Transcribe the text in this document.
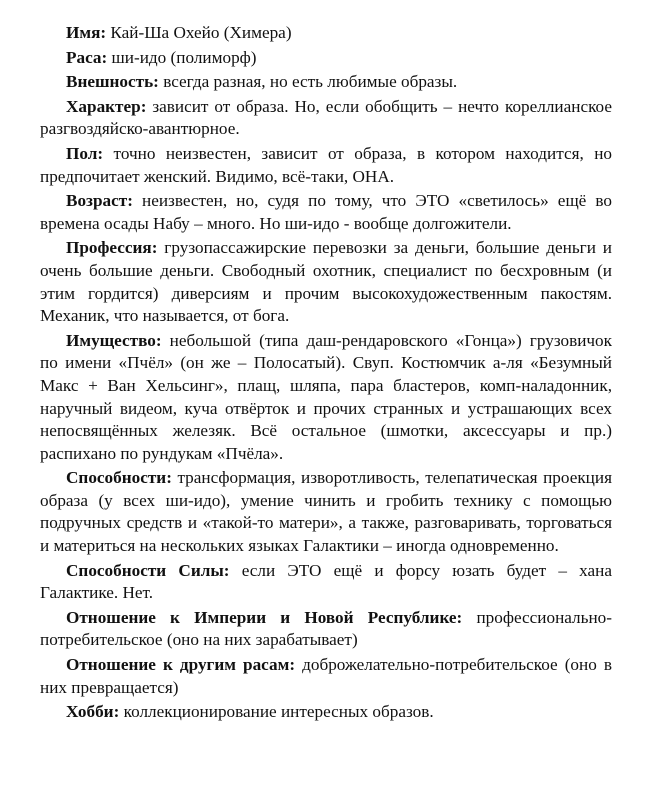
Имя: Кай-Ша Охейо (Химера)

Раса: ши-идо (полиморф)

Внешность: всегда разная, но есть любимые образы.

Характер: зависит от образа. Но, если обобщить – нечто кореллианское разгвоздяйско-авантюрное.

Пол: точно неизвестен, зависит от образа, в котором находится, но предпочитает женский. Видимо, всё-таки, ОНА.

Возраст: неизвестен, но, судя по тому, что ЭТО «светилось» ещё во времена осады Набу – много. Но ши-идо - вообще долгожители.

Профессия: грузопассажирские перевозки за деньги, большие деньги и очень большие деньги. Свободный охотник, специалист по бесхровным (и этим гордится) диверсиям и прочим высокохудожественным пакостям. Механик, что называется, от бога.

Имущество: небольшой (типа даш-рендаровского «Гонца») грузовичок по имени «Пчёл» (он же – Полосатый). Свуп. Костюмчик а-ля «Безумный Макс + Ван Хельсинг», плащ, шляпа, пара бластеров, комп-наладонник, наручный видеом, куча отвёрток и прочих странных и устрашающих всех непосвящённых железяк. Всё остальное (шмотки, аксессуары и пр.) распихано по рундукам «Пчёла».

Способности: трансформация, изворотливость, телепатическая проекция образа (у всех ши-идо), умение чинить и гробить технику с помощью подручных средств и «такой-то матери», а также, разговаривать, торговаться и материться на нескольких языках Галактики – иногда одновременно.

Способности Силы: если ЭТО ещё и форсу юзать будет – хана Галактике. Нет.

Отношение к Империи и Новой Республике: профессионально-потребительское (оно на них зарабатывает)

Отношение к другим расам: доброжелательно-потребительское (оно в них превращается)

Хобби: коллекционирование интересных образов.
